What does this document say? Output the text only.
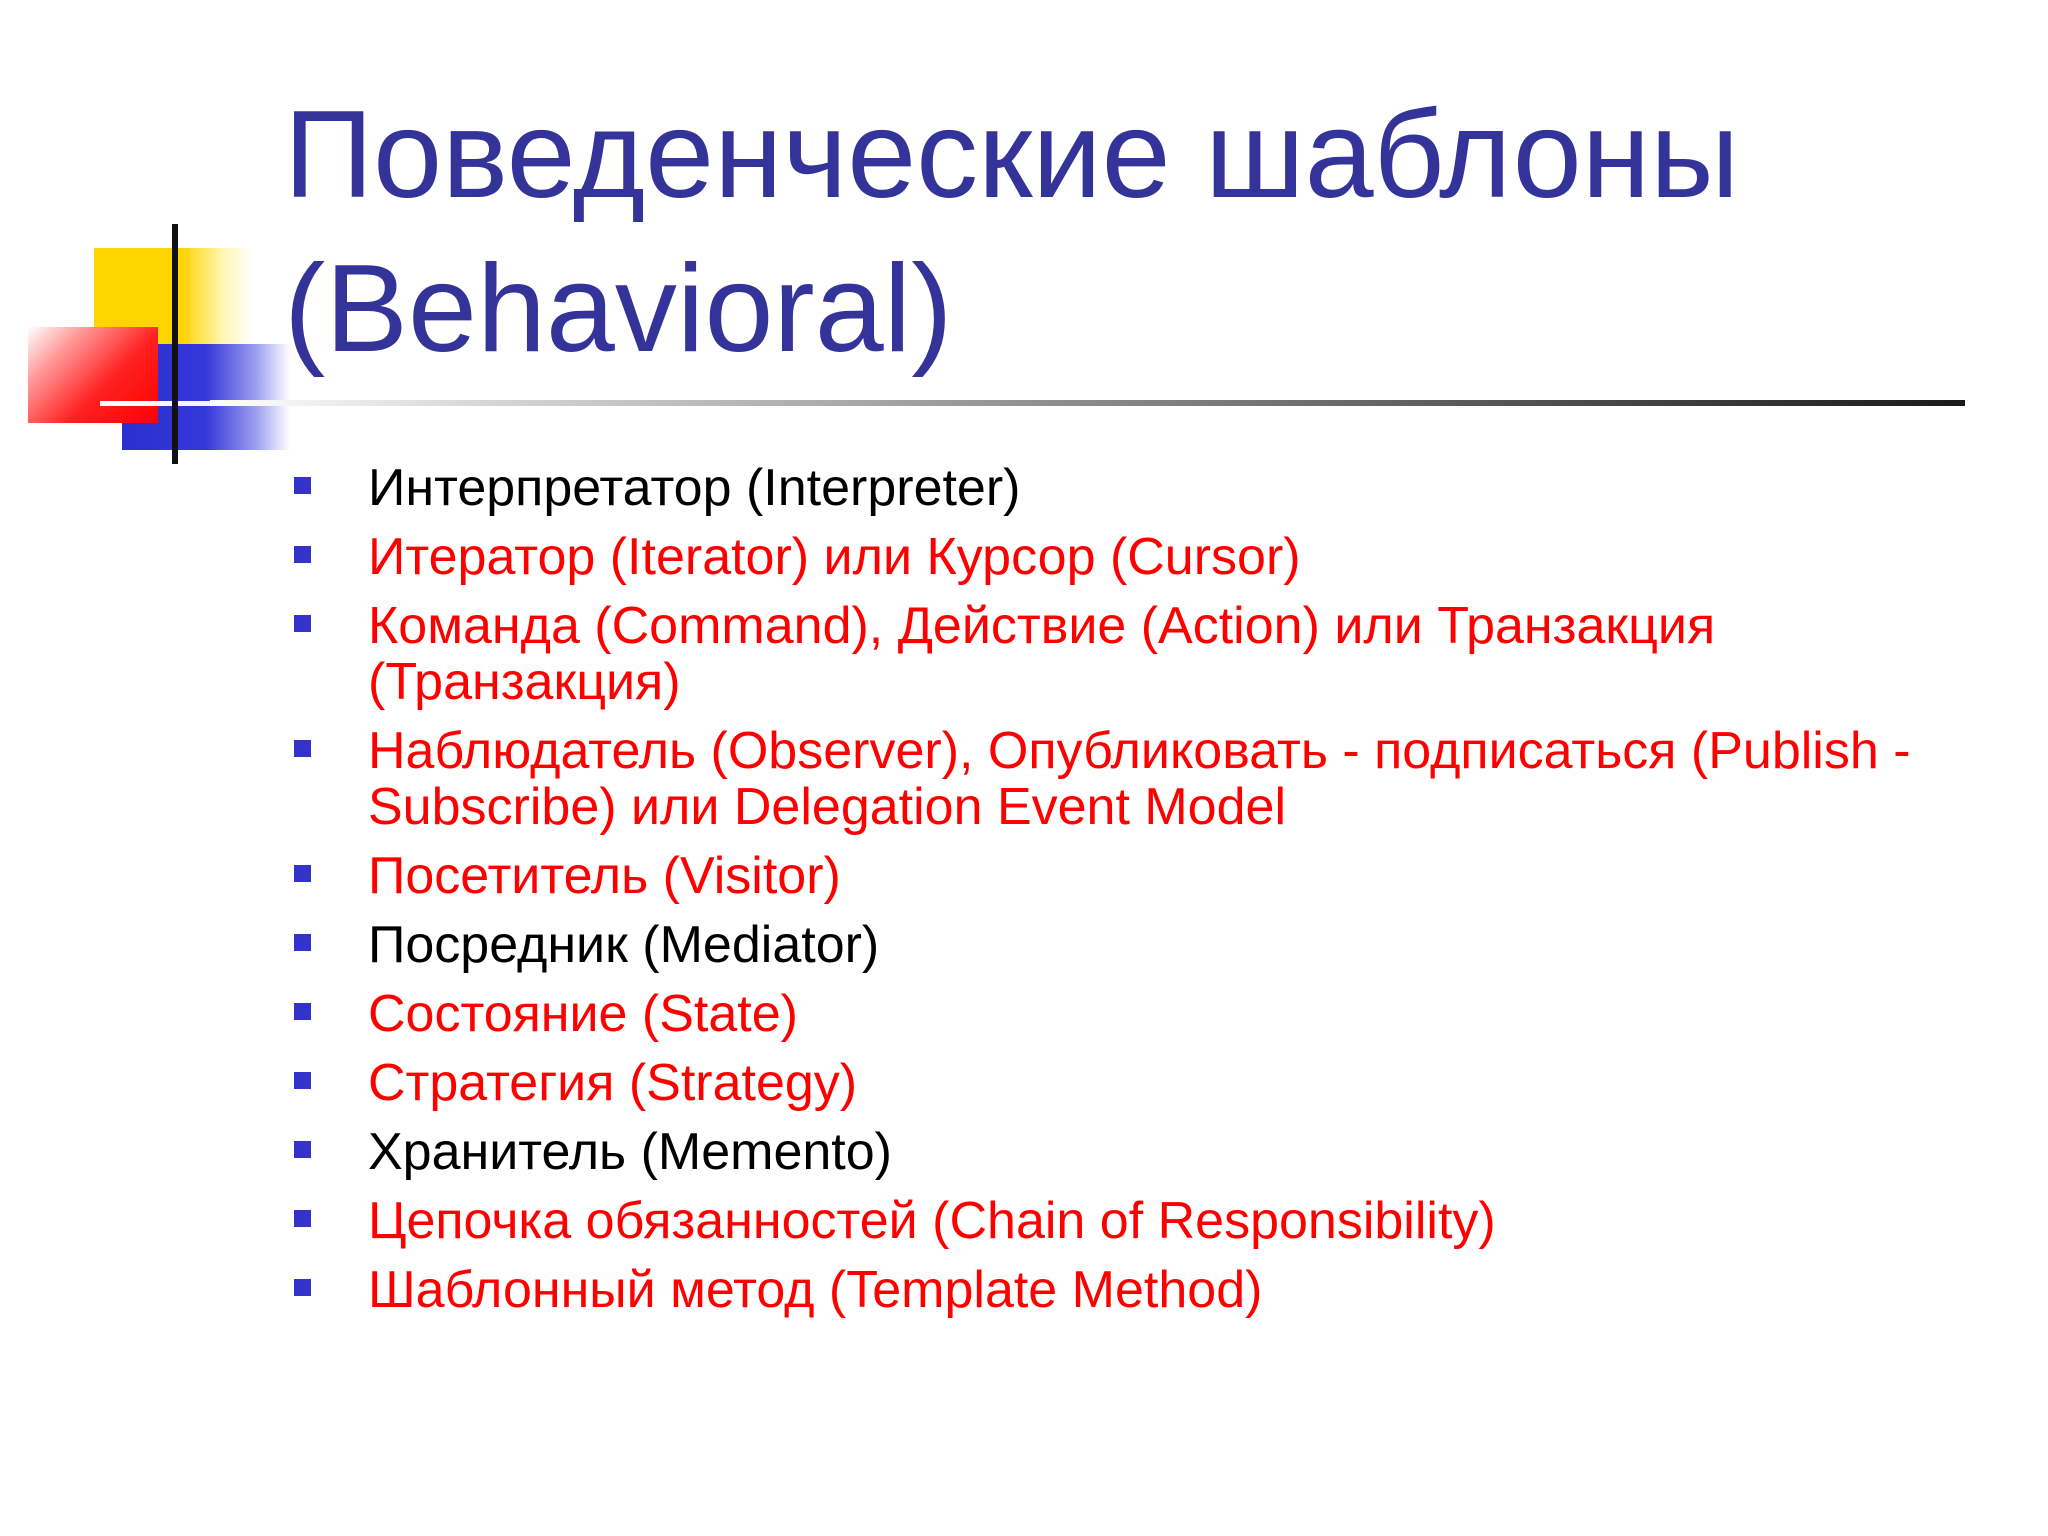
Поведенческие шаблоны
(Behavioral)
Интерпретатор (Interpreter)
Итератор (Iterator) или Курсор (Cursor)
Команда (Command), Действие (Action) или Транзакция (Транзакция)
Наблюдатель (Observer), Опубликовать - подписаться (Publish - Subscribe) или Delegation Event Model
Посетитель (Visitor)
Посредник (Mediator)
Состояние (State)
Стратегия (Strategy)
Хранитель (Memento)
Цепочка обязанностей (Chain of Responsibility)
Шаблонный метод (Template Method)
